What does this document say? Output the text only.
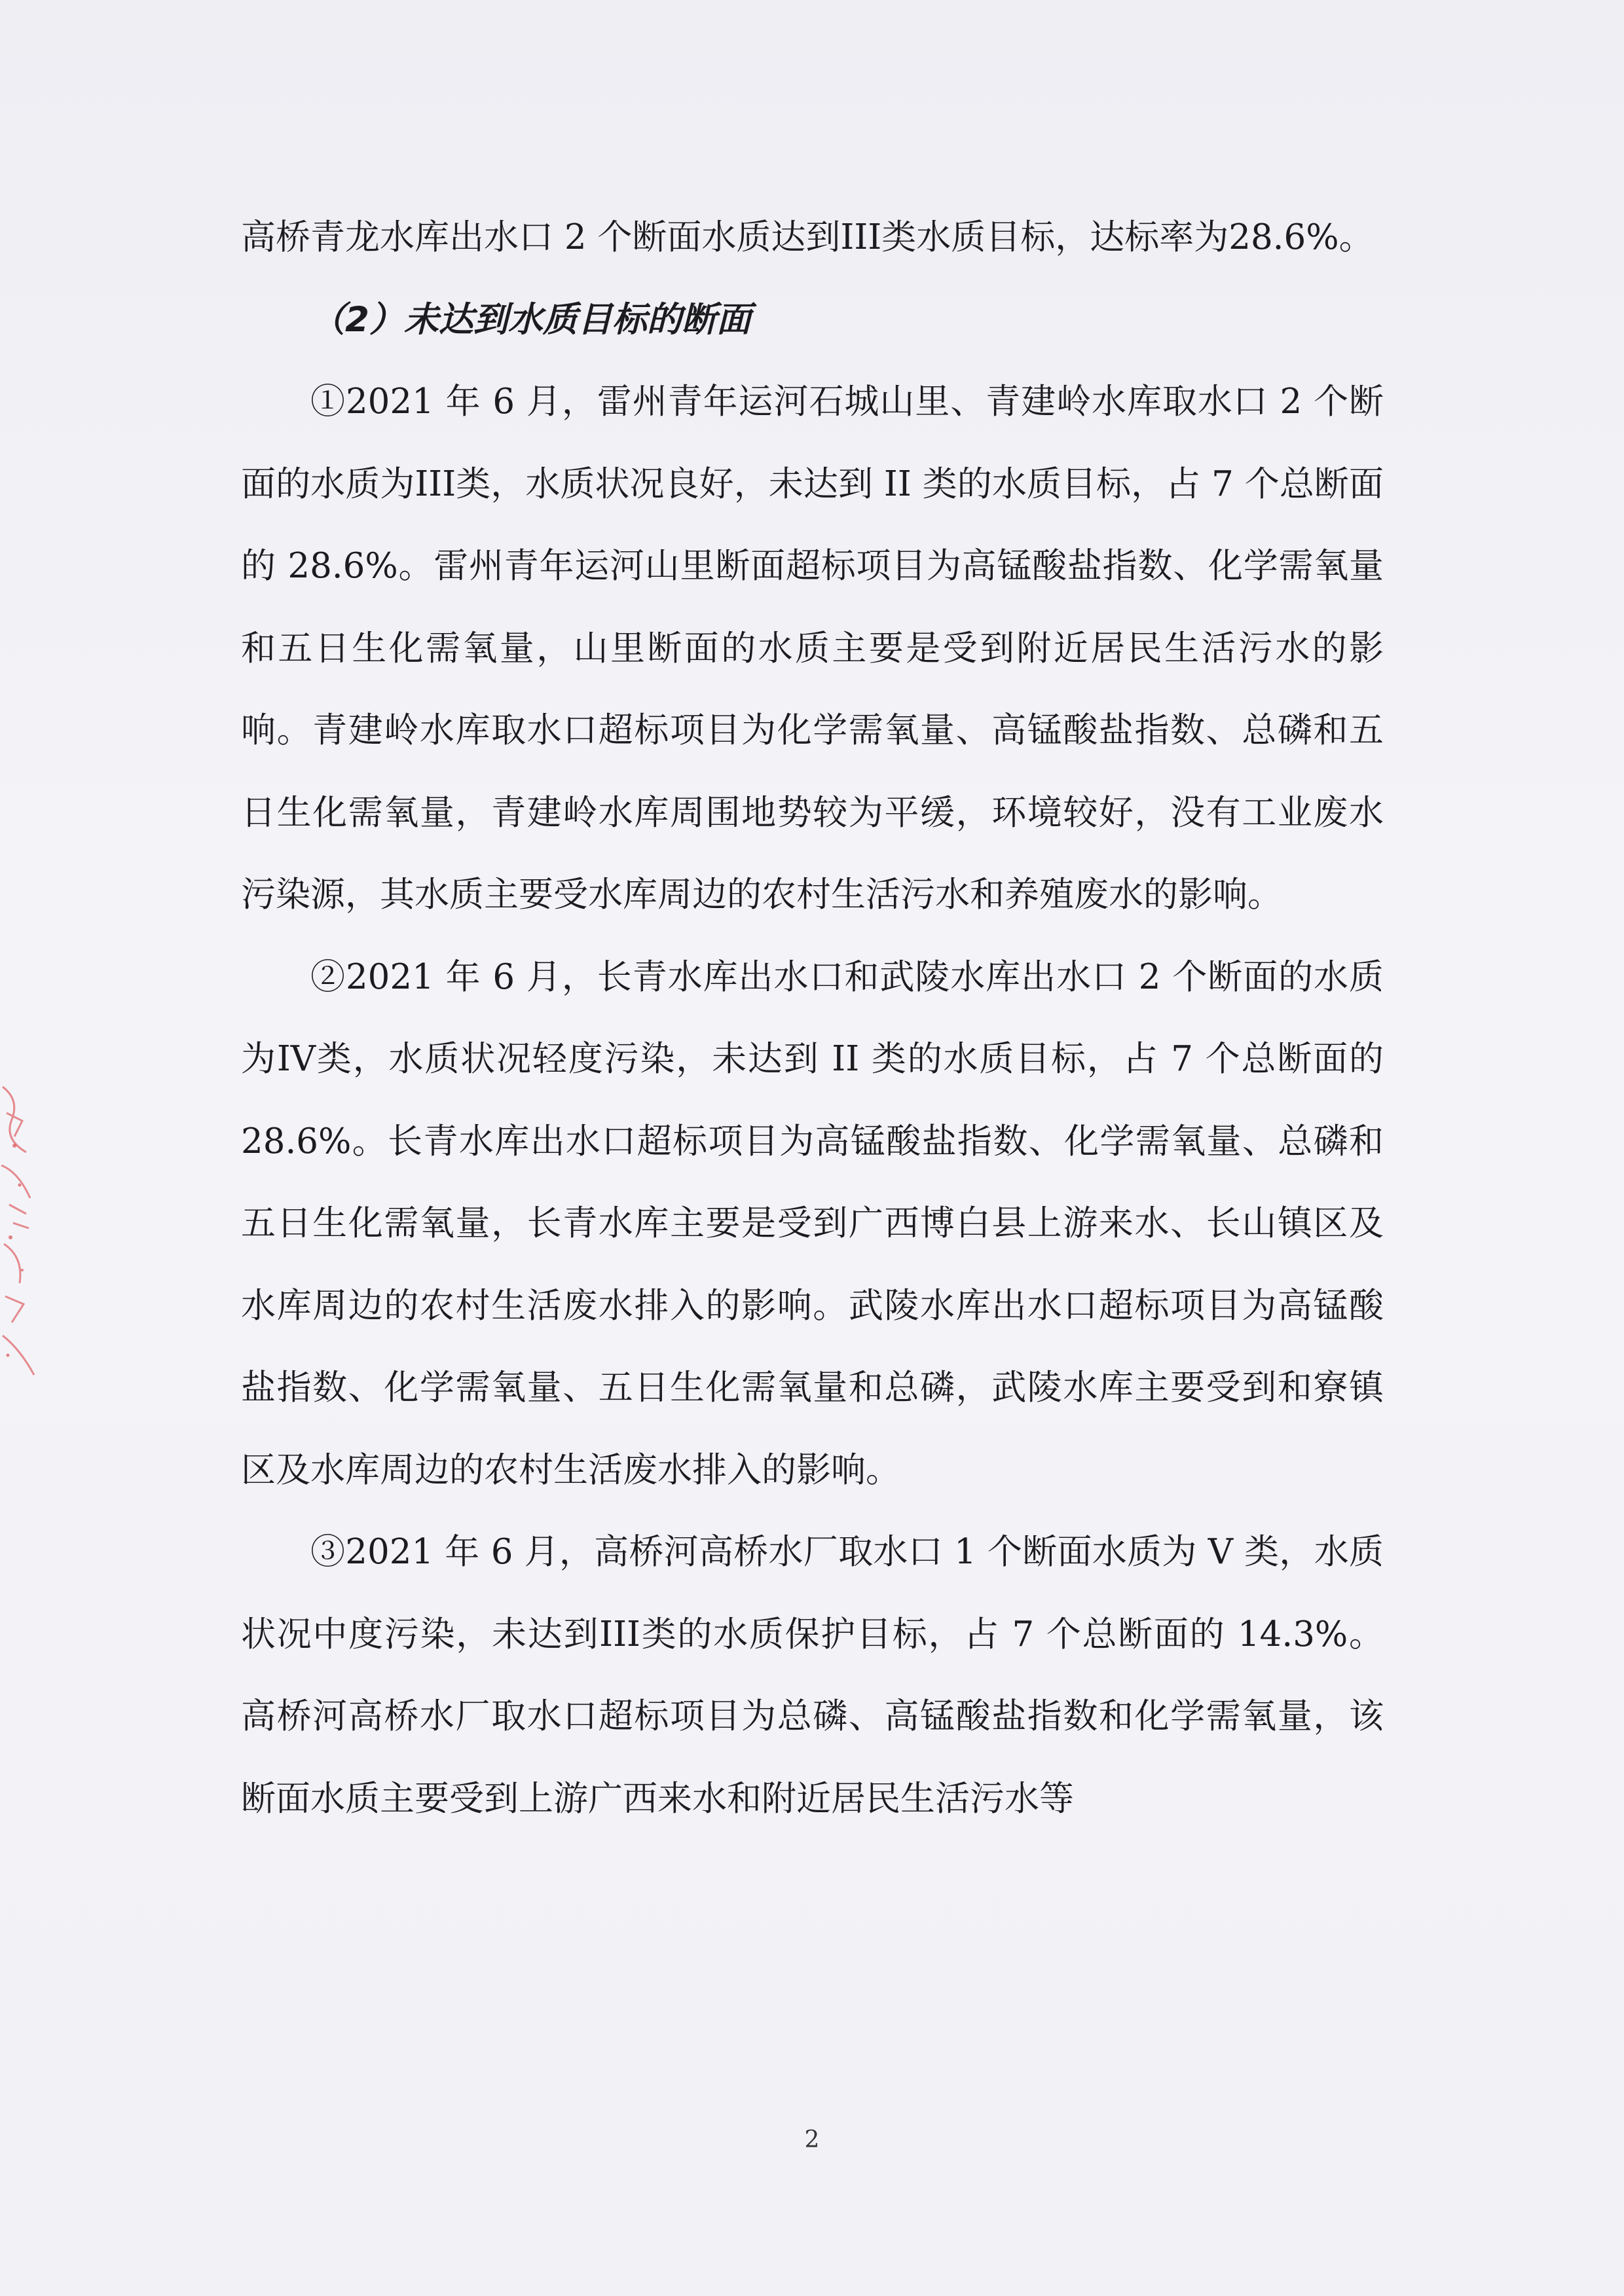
高桥青龙水库出水口 2 个断面水质达到III类水质目标，达标率为28.6%。

（2）未达到水质目标的断面

①2021 年 6 月，雷州青年运河石城山里、青建岭水库取水口 2 个断面的水质为III类，水质状况良好，未达到 II 类的水质目标，占 7 个总断面的 28.6%。雷州青年运河山里断面超标项目为高锰酸盐指数、化学需氧量和五日生化需氧量，山里断面的水质主要是受到附近居民生活污水的影响。青建岭水库取水口超标项目为化学需氧量、高锰酸盐指数、总磷和五日生化需氧量，青建岭水库周围地势较为平缓，环境较好，没有工业废水污染源，其水质主要受水库周边的农村生活污水和养殖废水的影响。

②2021 年 6 月，长青水库出水口和武陵水库出水口 2 个断面的水质为IV类，水质状况轻度污染，未达到 II 类的水质目标，占 7 个总断面的 28.6%。长青水库出水口超标项目为高锰酸盐指数、化学需氧量、总磷和五日生化需氧量，长青水库主要是受到广西博白县上游来水、长山镇区及水库周边的农村生活废水排入的影响。武陵水库出水口超标项目为高锰酸盐指数、化学需氧量、五日生化需氧量和总磷，武陵水库主要受到和寮镇区及水库周边的农村生活废水排入的影响。

③2021 年 6 月，高桥河高桥水厂取水口 1 个断面水质为 V 类，水质状况中度污染，未达到III类的水质保护目标，占 7 个总断面的 14.3%。高桥河高桥水厂取水口超标项目为总磷、高锰酸盐指数和化学需氧量，该断面水质主要受到上游广西来水和附近居民生活污水等

2
